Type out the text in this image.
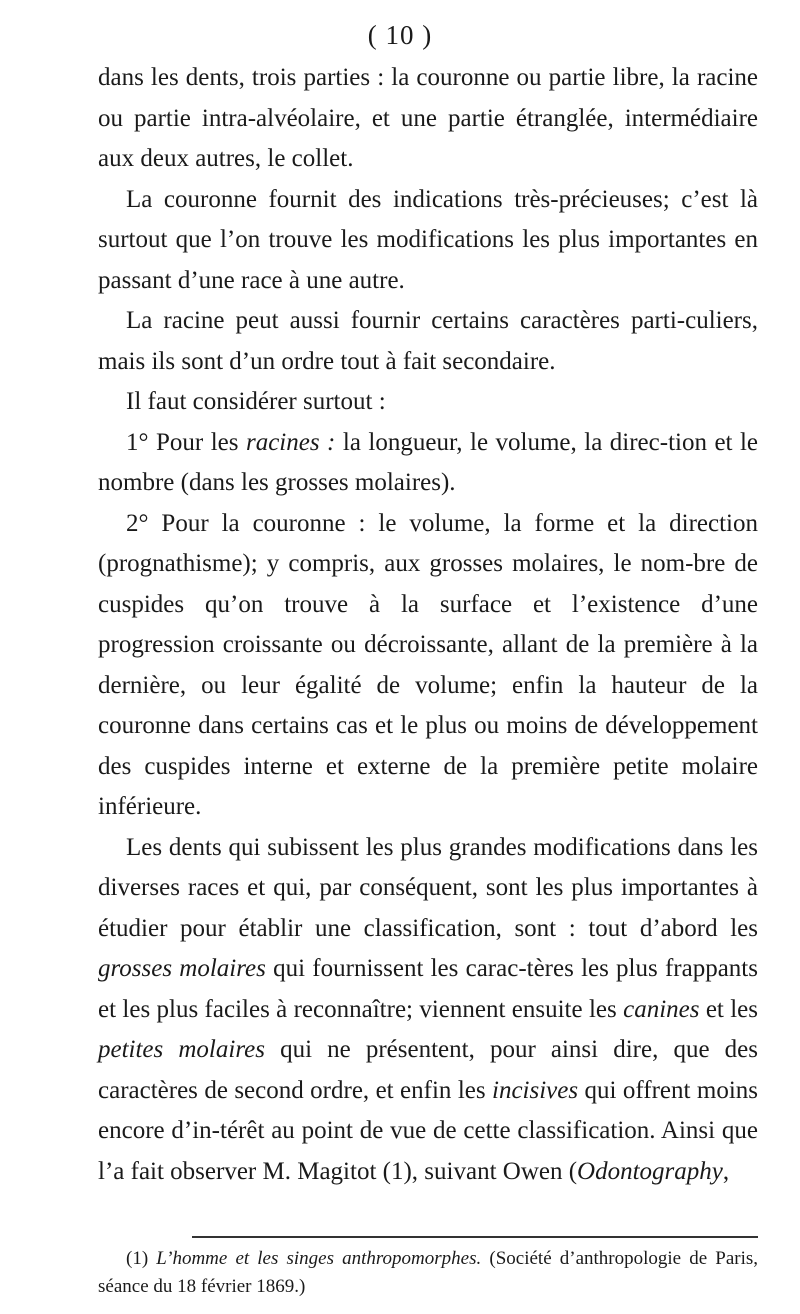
( 10 )

dans les dents, trois parties : la couronne ou partie libre, la racine ou partie intra-alvéolaire, et une partie étranglée, intermédiaire aux deux autres, le collet.

La couronne fournit des indications très-précieuses; c’est là surtout que l’on trouve les modifications les plus importantes en passant d’une race à une autre.

La racine peut aussi fournir certains caractères parti-culiers, mais ils sont d’un ordre tout à fait secondaire.

Il faut considérer surtout :

1° Pour les racines : la longueur, le volume, la direc-tion et le nombre (dans les grosses molaires).

2° Pour la couronne : le volume, la forme et la direction (prognathisme); y compris, aux grosses molaires, le nom-bre de cuspides qu’on trouve à la surface et l’existence d’une progression croissante ou décroissante, allant de la première à la dernière, ou leur égalité de volume; enfin la hauteur de la couronne dans certains cas et le plus ou moins de développement des cuspides interne et externe de la première petite molaire inférieure.

Les dents qui subissent les plus grandes modifications dans les diverses races et qui, par conséquent, sont les plus importantes à étudier pour établir une classification, sont : tout d’abord les grosses molaires qui fournissent les carac-tères les plus frappants et les plus faciles à reconnaître; viennent ensuite les canines et les petites molaires qui ne présentent, pour ainsi dire, que des caractères de second ordre, et enfin les incisives qui offrent moins encore d’in-térêt au point de vue de cette classification. Ainsi que l’a fait observer M. Magitot (1), suivant Owen (Odontography,

(1) L’homme et les singes anthropomorphes. (Société d’anthropologie de Paris, séance du 18 février 1869.)
